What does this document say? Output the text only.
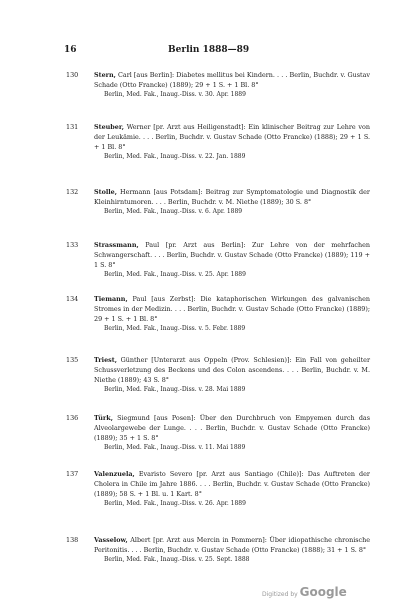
16	Berlin 1888—89
130 Stern, Carl [aus Berlin]: Diabetes mellitus bei Kindern. . . . Berlin, Buchdr. v. Gustav Schade (Otto Francke) (1889); 29 + 1 S. + 1 Bl. 8°
Berlin, Med. Fak., Inaug.-Diss. v. 30. Apr. 1889
131 Steuber, Werner [pr. Arzt aus Heiligenstadt]: Ein klinischer Beitrag zur Lehre von der Leukämie. . . . Berlin, Buchdr. v. Gustav Schade (Otto Francke) (1888); 29 + 1 S. + 1 Bl. 8°
Berlin, Med. Fak., Inaug.-Diss. v. 22. Jan. 1889
132 Stolle, Hermann [aus Potsdam]: Beitrag zur Symptomatologie und Diagnostik der Kleinhirntumoren. . . . Berlin, Buchdr. v. M. Niethe (1889); 30 S. 8°
Berlin, Med. Fak., Inaug.-Diss. v. 6. Apr. 1889
133 Strassmann, Paul [pr. Arzt aus Berlin]: Zur Lehre von der mehrfachen Schwangerschaft. . . . Berlin, Buchdr. v. Gustav Schade (Otto Francke) (1889); 119 + 1 S. 8°
Berlin, Med. Fak., Inaug.-Diss. v. 25. Apr. 1889
134 Tiemann, Paul [aus Zerbst]: Die kataphorischen Wirkungen des galvanischen Stromes in der Medizin. . . . Berlin, Buchdr. v. Gustav Schade (Otto Francke) (1889); 29 + 1 S. + 1 Bl. 8°
Berlin, Med. Fak., Inaug.-Diss. v. 5. Febr. 1889
135 Triest, Günther [Unterarzt aus Oppeln (Prov. Schlesien)]: Ein Fall von geheilter Schussverletzung des Beckens und des Colon ascendens. . . . Berlin, Buchdr. v. M. Niethe (1889); 43 S. 8°
Berlin, Med. Fak., Inaug.-Diss. v. 28. Mai 1889
136 Türk, Siegmund [aus Posen]: Über den Durchbruch von Empyemen durch das Alveolargewebe der Lunge. . . . Berlin, Buchdr. v. Gustav Schade (Otto Francke) (1889); 35 + 1 S. 8°
Berlin, Med. Fak., Inaug.-Diss. v. 11. Mai 1889
137 Valenzuela, Evaristo Severo [pr. Arzt aus Santiago (Chile)]: Das Auftreten der Cholera in Chile im Jahre 1886. . . . Berlin, Buchdr. v. Gustav Schade (Otto Francke) (1889); 58 S. + 1 Bl. u. 1 Kart. 8°
Berlin, Med. Fak., Inaug.-Diss. v. 26. Apr. 1889
138 Vasselow, Albert [pr. Arzt aus Mercin in Pommern]: Über idiopathische chronische Peritonitis. . . . Berlin, Buchdr. v. Gustav Schade (Otto Francke) (1888); 31 + 1 S. 8°
Berlin, Med. Fak., Inaug.-Diss. v. 25. Sept. 1888
Digitized by Google
